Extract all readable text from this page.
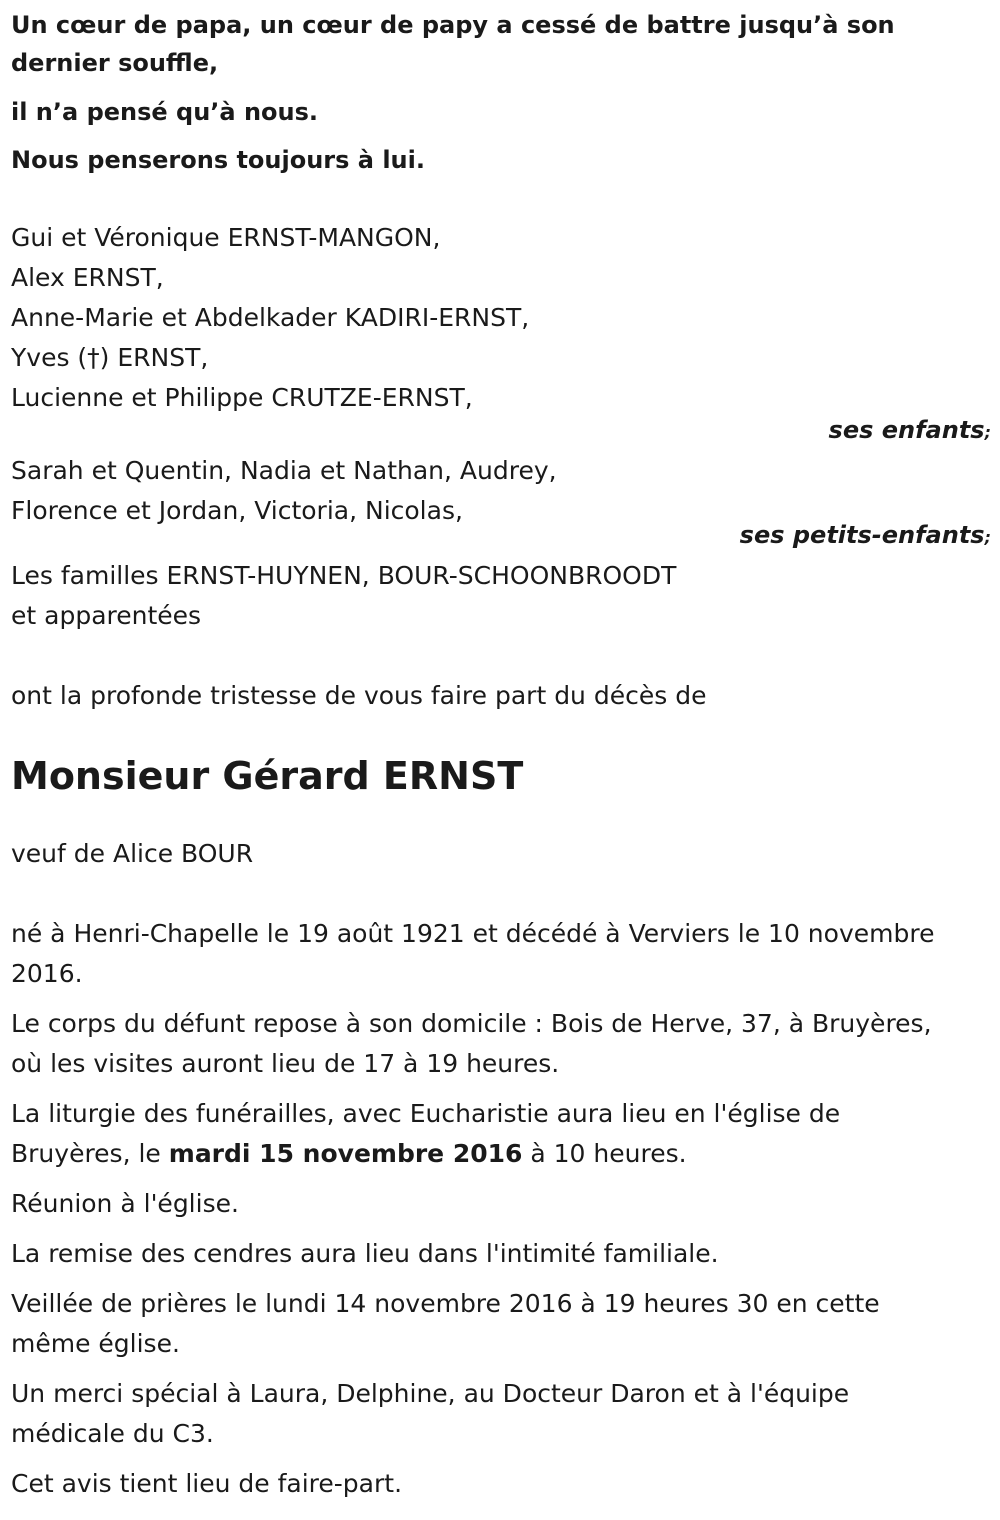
Un cœur de papa, un cœur de papy a cessé de battre jusqu’à son
dernier souffle,
il n’a pensé qu’à nous.
Nous penserons toujours à lui.
Gui et Véronique ERNST-MANGON,
Alex ERNST,
Anne-Marie et Abdelkader KADIRI-ERNST,
Yves (†) ERNST,
Lucienne et Philippe CRUTZE-ERNST,
ses enfants;
Sarah et Quentin, Nadia et Nathan, Audrey,
Florence et Jordan, Victoria, Nicolas,
ses petits-enfants;
Les familles ERNST-HUYNEN, BOUR-SCHOONBROODT
et apparentées
ont la profonde tristesse de vous faire part du décès de
Monsieur Gérard ERNST
veuf de Alice BOUR
né à Henri-Chapelle le 19 août 1921 et décédé à Verviers le 10 novembre
2016.
Le corps du défunt repose à son domicile : Bois de Herve, 37, à Bruyères,
où les visites auront lieu de 17 à 19 heures.
La liturgie des funérailles, avec Eucharistie aura lieu en l'église de
Bruyères, le mardi 15 novembre 2016 à 10 heures.
Réunion à l'église.
La remise des cendres aura lieu dans l'intimité familiale.
Veillée de prières le lundi 14 novembre 2016 à 19 heures 30 en cette
même église.
Un merci spécial à Laura, Delphine, au Docteur Daron et à l'équipe
médicale du C3.
Cet avis tient lieu de faire-part.
